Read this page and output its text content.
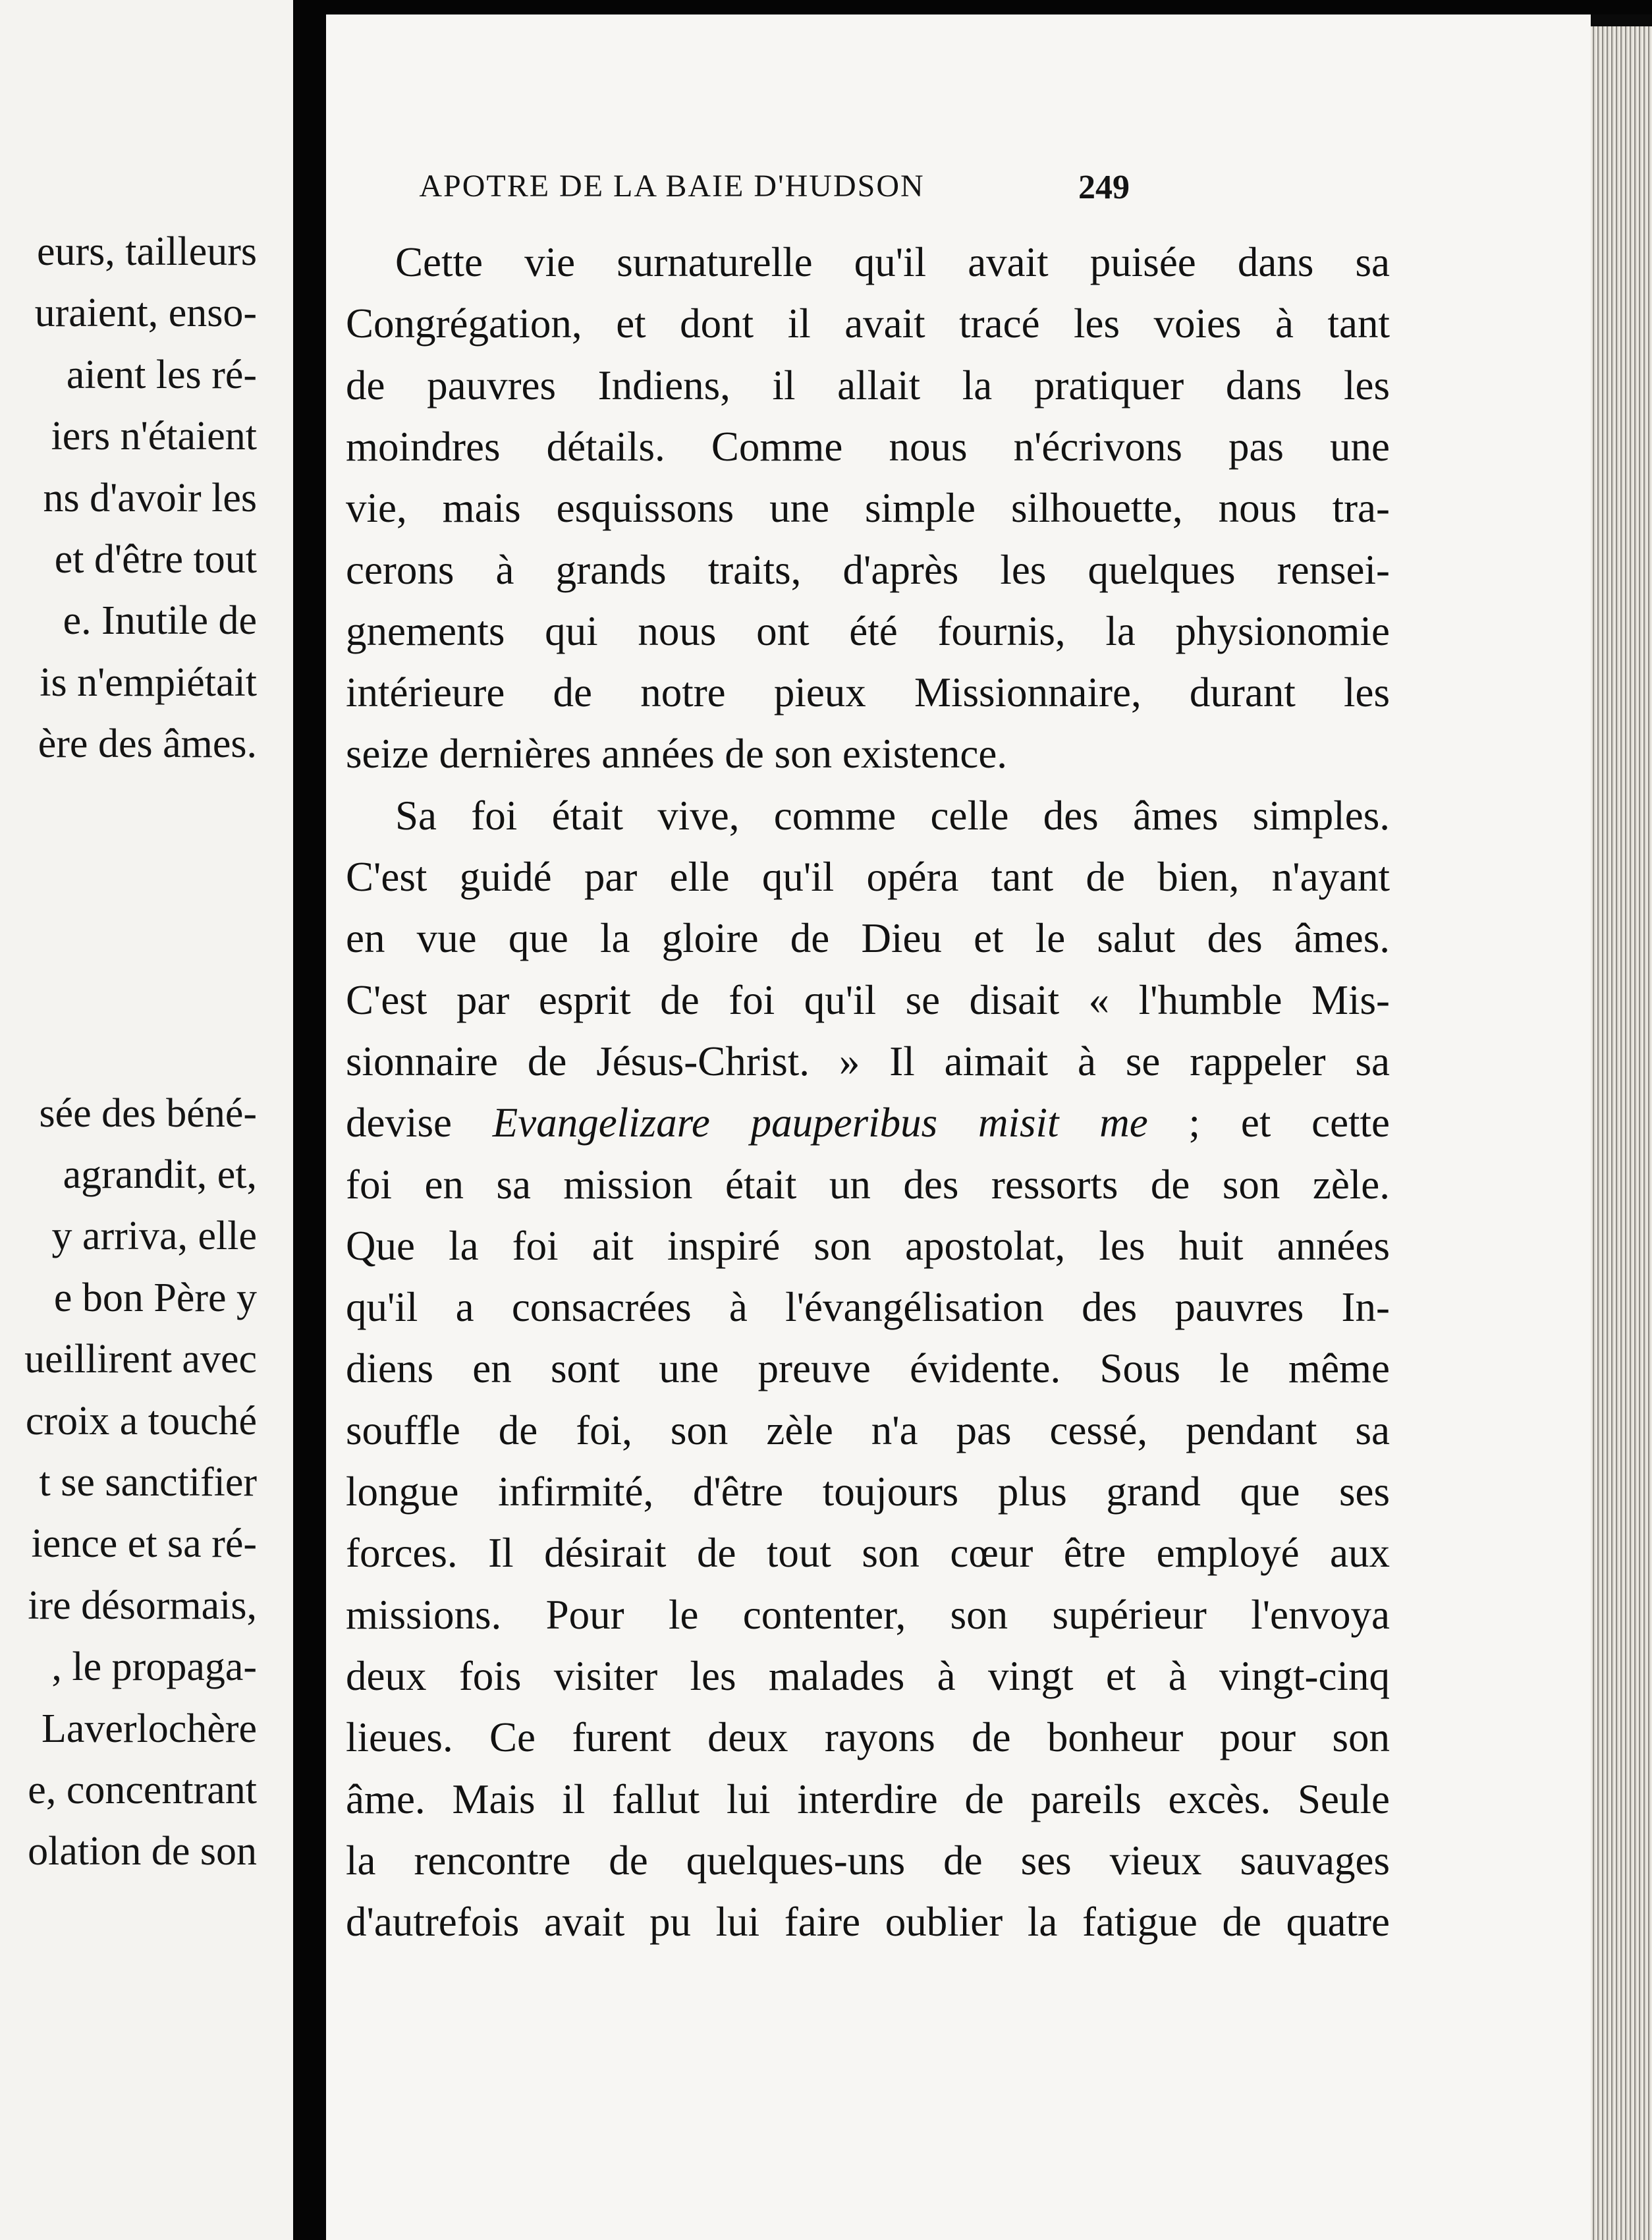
eurs, tailleurs
uraient, enso-
aient les ré-
iers n'étaient
ns d'avoir les
et d'être tout
e. Inutile de
is n'empiétait
ère des âmes.
sée des béné-
agrandit, et,
y arriva, elle
e bon Père y
ueillirent avec
croix a touché
t se sanctifier
ience et sa ré-
ire désormais,
, le propaga-
Laverlochère
e, concentrant
olation de son
APOTRE DE LA BAIE D'HUDSON	249

Cette vie surnaturelle qu'il avait puisée dans sa

Congrégation, et dont il avait tracé les voies à tant

de pauvres Indiens, il allait la pratiquer dans les

moindres détails. Comme nous n'écrivons pas une

vie, mais esquissons une simple silhouette, nous tra-

cerons à grands traits, d'après les quelques rensei-

gnements qui nous ont été fournis, la physionomie

intérieure de notre pieux Missionnaire, durant les

seize dernières années de son existence.

Sa foi était vive, comme celle des âmes simples.

C'est guidé par elle qu'il opéra tant de bien, n'ayant

en vue que la gloire de Dieu et le salut des âmes.

C'est par esprit de foi qu'il se disait « l'humble Mis-

sionnaire de Jésus-Christ. » Il aimait à se rappeler sa

devise Evangelizare pauperibus misit me ; et cette

foi en sa mission était un des ressorts de son zèle.

Que la foi ait inspiré son apostolat, les huit années

qu'il a consacrées à l'évangélisation des pauvres In-

diens en sont une preuve évidente. Sous le même

souffle de foi, son zèle n'a pas cessé, pendant sa

longue infirmité, d'être toujours plus grand que ses

forces. Il désirait de tout son cœur être employé aux

missions. Pour le contenter, son supérieur l'envoya

deux fois visiter les malades à vingt et à vingt-cinq

lieues. Ce furent deux rayons de bonheur pour son

âme. Mais il fallut lui interdire de pareils excès. Seule

la rencontre de quelques-uns de ses vieux sauvages

d'autrefois avait pu lui faire oublier la fatigue de quatre
